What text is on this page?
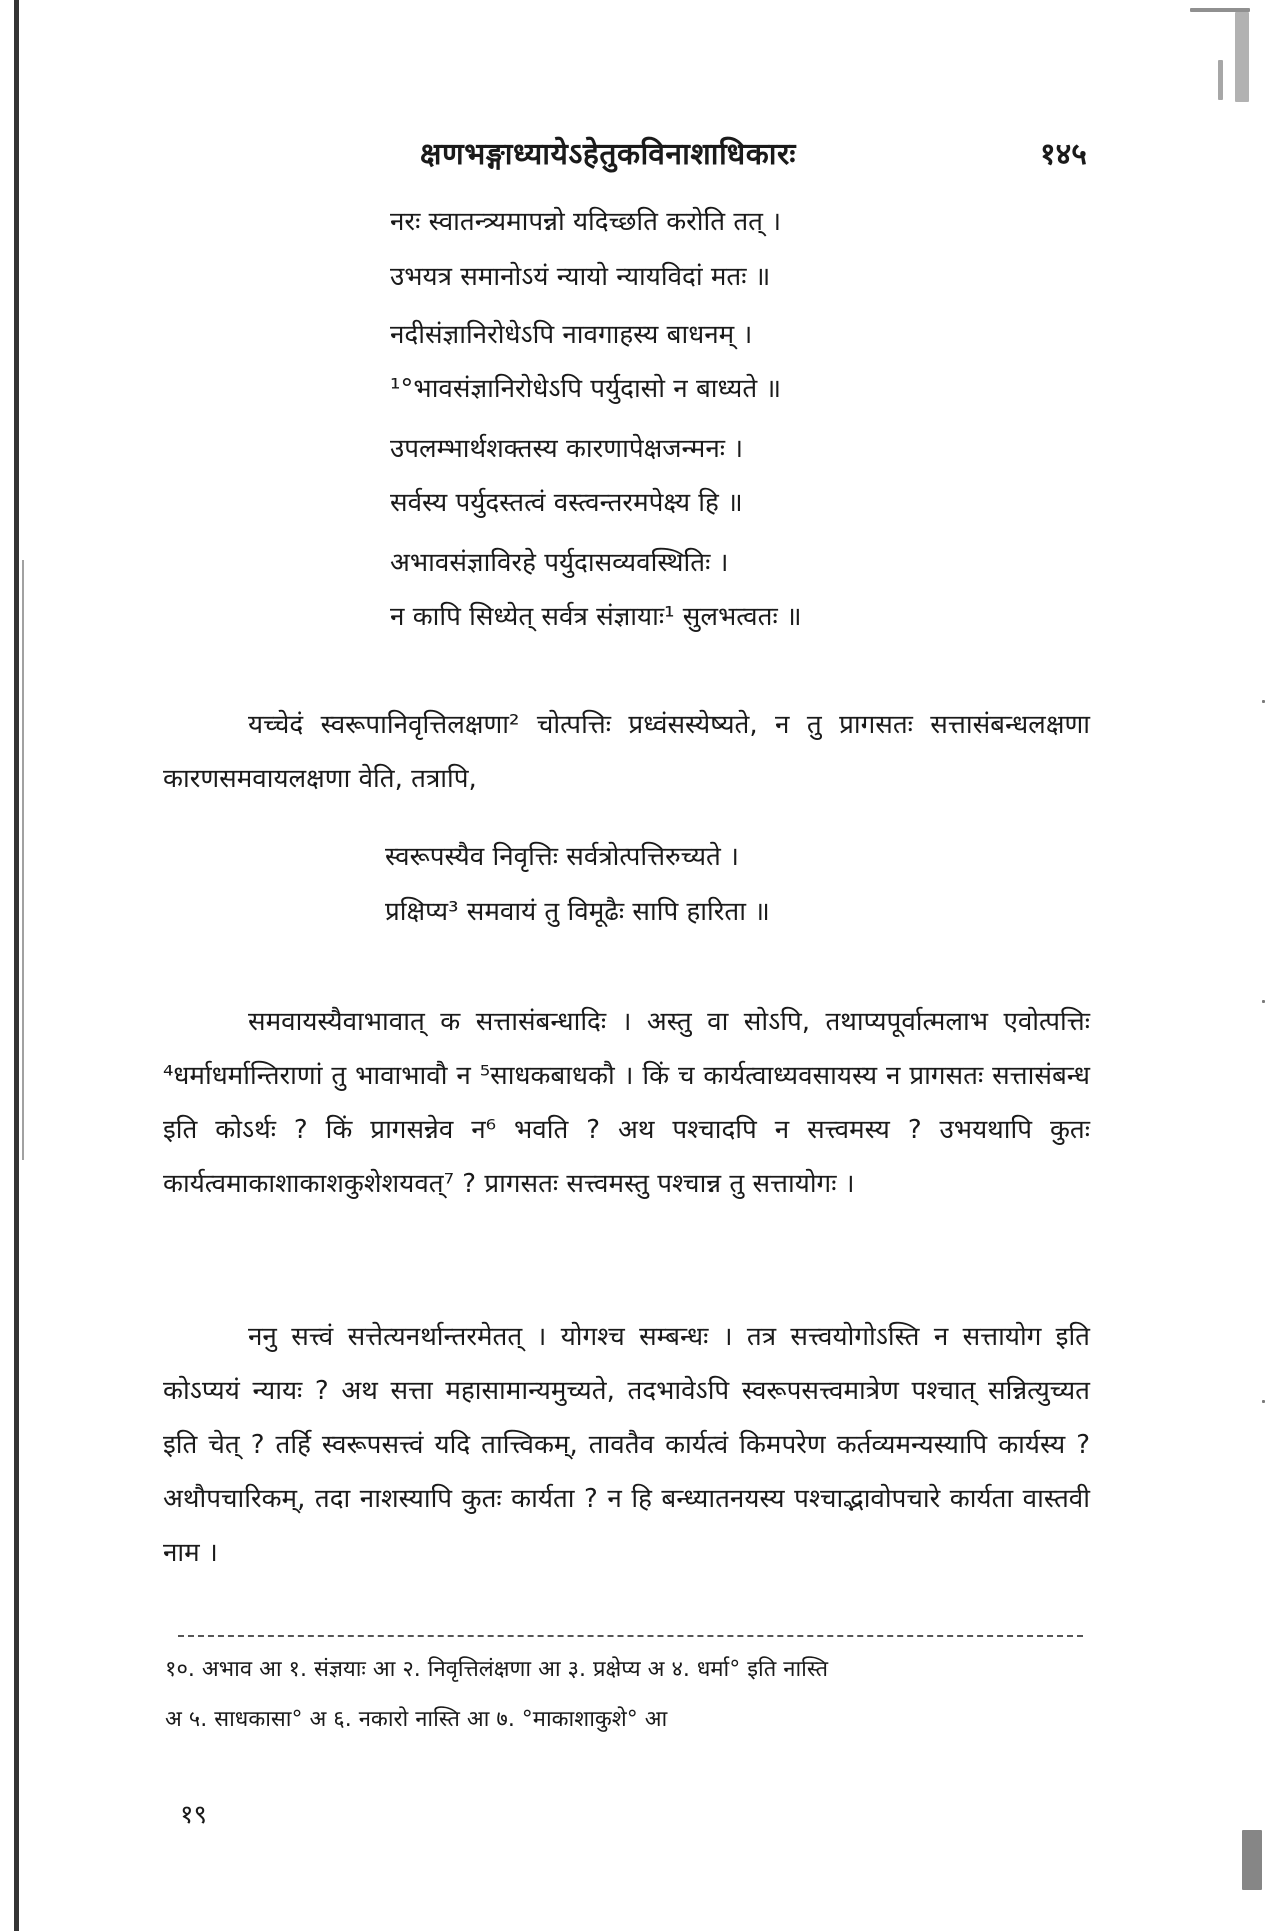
क्षणभङ्गाध्यायेऽहेतुकविनाशाधिकारः	१४५
नरः स्वातन्त्र्यमापन्नो यदिच्छति करोति तत् ।
उभयत्र समानोऽयं न्यायो न्यायविदां मतः ॥
नदीसंज्ञानिरोधेऽपि नावगाहस्य बाधनम् ।
¹°भावसंज्ञानिरोधेऽपि पर्युदासो न बाध्यते ॥
उपलम्भार्थशक्तस्य कारणापेक्षजन्मनः ।
सर्वस्य पर्युदस्तत्वं वस्त्वन्तरमपेक्ष्य हि ॥
अभावसंज्ञाविरहे पर्युदासव्यवस्थितिः ।
न कापि सिध्येत् सर्वत्र संज्ञायाः¹ सुलभत्वतः ॥
यच्चेदं स्वरूपानिवृत्तिलक्षणा² चोत्पत्तिः प्रध्वंसस्येष्यते, न तु प्रागसतः सत्तासंबन्धलक्षणा कारणसमवायलक्षणा वेति, तत्रापि,
स्वरूपस्यैव निवृत्तिः सर्वत्रोत्पत्तिरुच्यते ।
प्रक्षिप्य³ समवायं तु विमूढैः सापि हारिता ॥
समवायस्यैवाभावात् क सत्तासंबन्धादिः । अस्तु वा सोऽपि, तथाप्यपूर्वात्मलाभ एवोत्पत्तिः ⁴धर्माधर्मान्तिराणां तु भावाभावौ न ⁵साधकबाधकौ । किं च कार्यत्वाध्यवसायस्य न प्रागसतः सत्तासंबन्ध इति कोऽर्थः ? किं प्रागसन्नेव न⁶ भवति ? अथ पश्चादपि न सत्त्वमस्य ? उभयथापि कुतः कार्यत्वमाकाशाकाशकुशेशयवत्⁷ ? प्रागसतः सत्त्वमस्तु पश्चान्न तु सत्तायोगः ।
ननु सत्त्वं सत्तेत्यनर्थान्तरमेतत् । योगश्च सम्बन्धः । तत्र सत्त्वयोगोऽस्ति न सत्तायोग इति कोऽप्ययं न्यायः ? अथ सत्ता महासामान्यमुच्यते, तदभावेऽपि स्वरूपसत्त्वमात्रेण पश्चात् सन्नित्युच्यत इति चेत् ? तर्हि स्वरूपसत्त्वं यदि तात्त्विकम्, तावतैव कार्यत्वं किमपरेण कर्तव्यमन्यस्यापि कार्यस्य ? अथौपचारिकम्, तदा नाशस्यापि कुतः कार्यता ? न हि बन्ध्यातनयस्य पश्चाद्भावोपचारे कार्यता वास्तवी नाम ।
१०. अभाव आ १. संज्ञयाः आ २. निवृत्तिलंक्षणा आ ३. प्रक्षेप्य अ ४. धर्मा° इति नास्ति
अ ५. साधकासा° अ ६. नकारो नास्ति आ ७. °माकाशाकुशे° आ
१९
